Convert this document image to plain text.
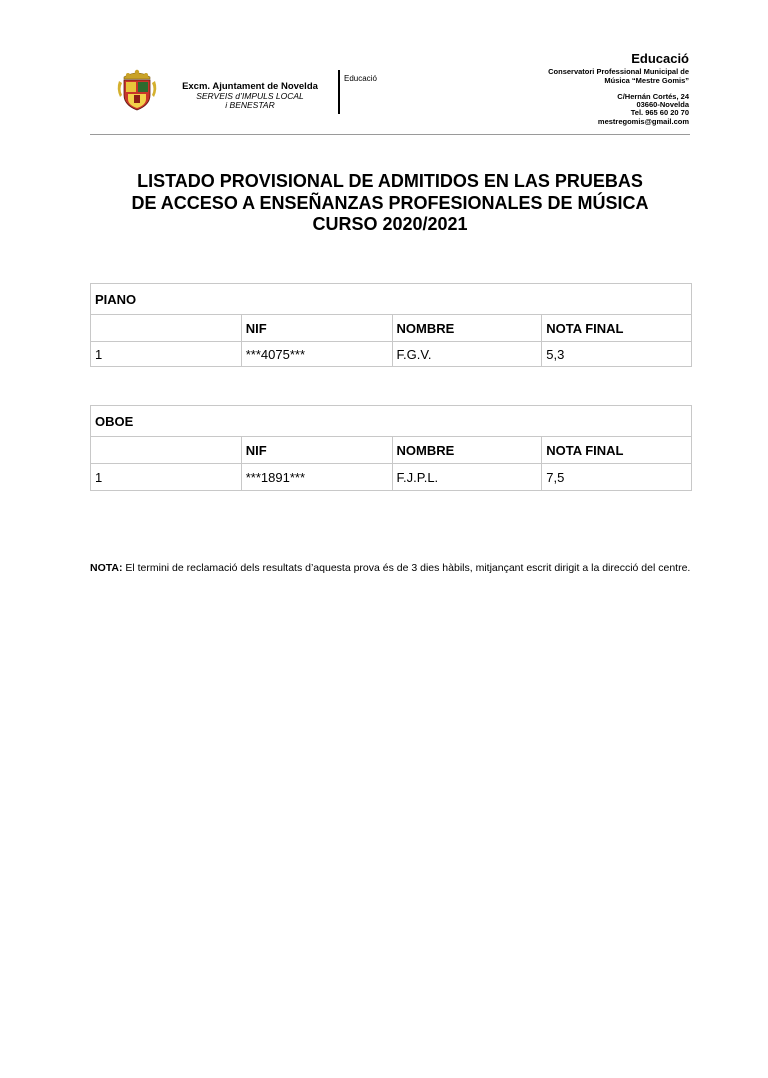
Excm. Ajuntament de Novelda
SERVEIS d’IMPULS LOCAL
i BENESTAR
Educació
Educació
Conservatori Professional Municipal de
Música “Mestre Gomis”
C/Hernán Cortés, 24
03660-Novelda
Tel. 965 60 20 70
mestregomis@gmail.com
LISTADO PROVISIONAL DE ADMITIDOS EN LAS PRUEBAS
DE ACCESO A ENSEÑANZAS PROFESIONALES DE MÚSICA
CURSO 2020/2021
PIANO			
	NIF	NOMBRE	NOTA FINAL
1	***4075***	F.G.V.	5,3
OBOE			
	NIF	NOMBRE	NOTA FINAL
1	***1891***	F.J.P.L.	7,5
NOTA: El termini de reclamació dels resultats d’aquesta prova és de 3 dies hàbils, mitjançant escrit dirigit a la direcció del centre.
